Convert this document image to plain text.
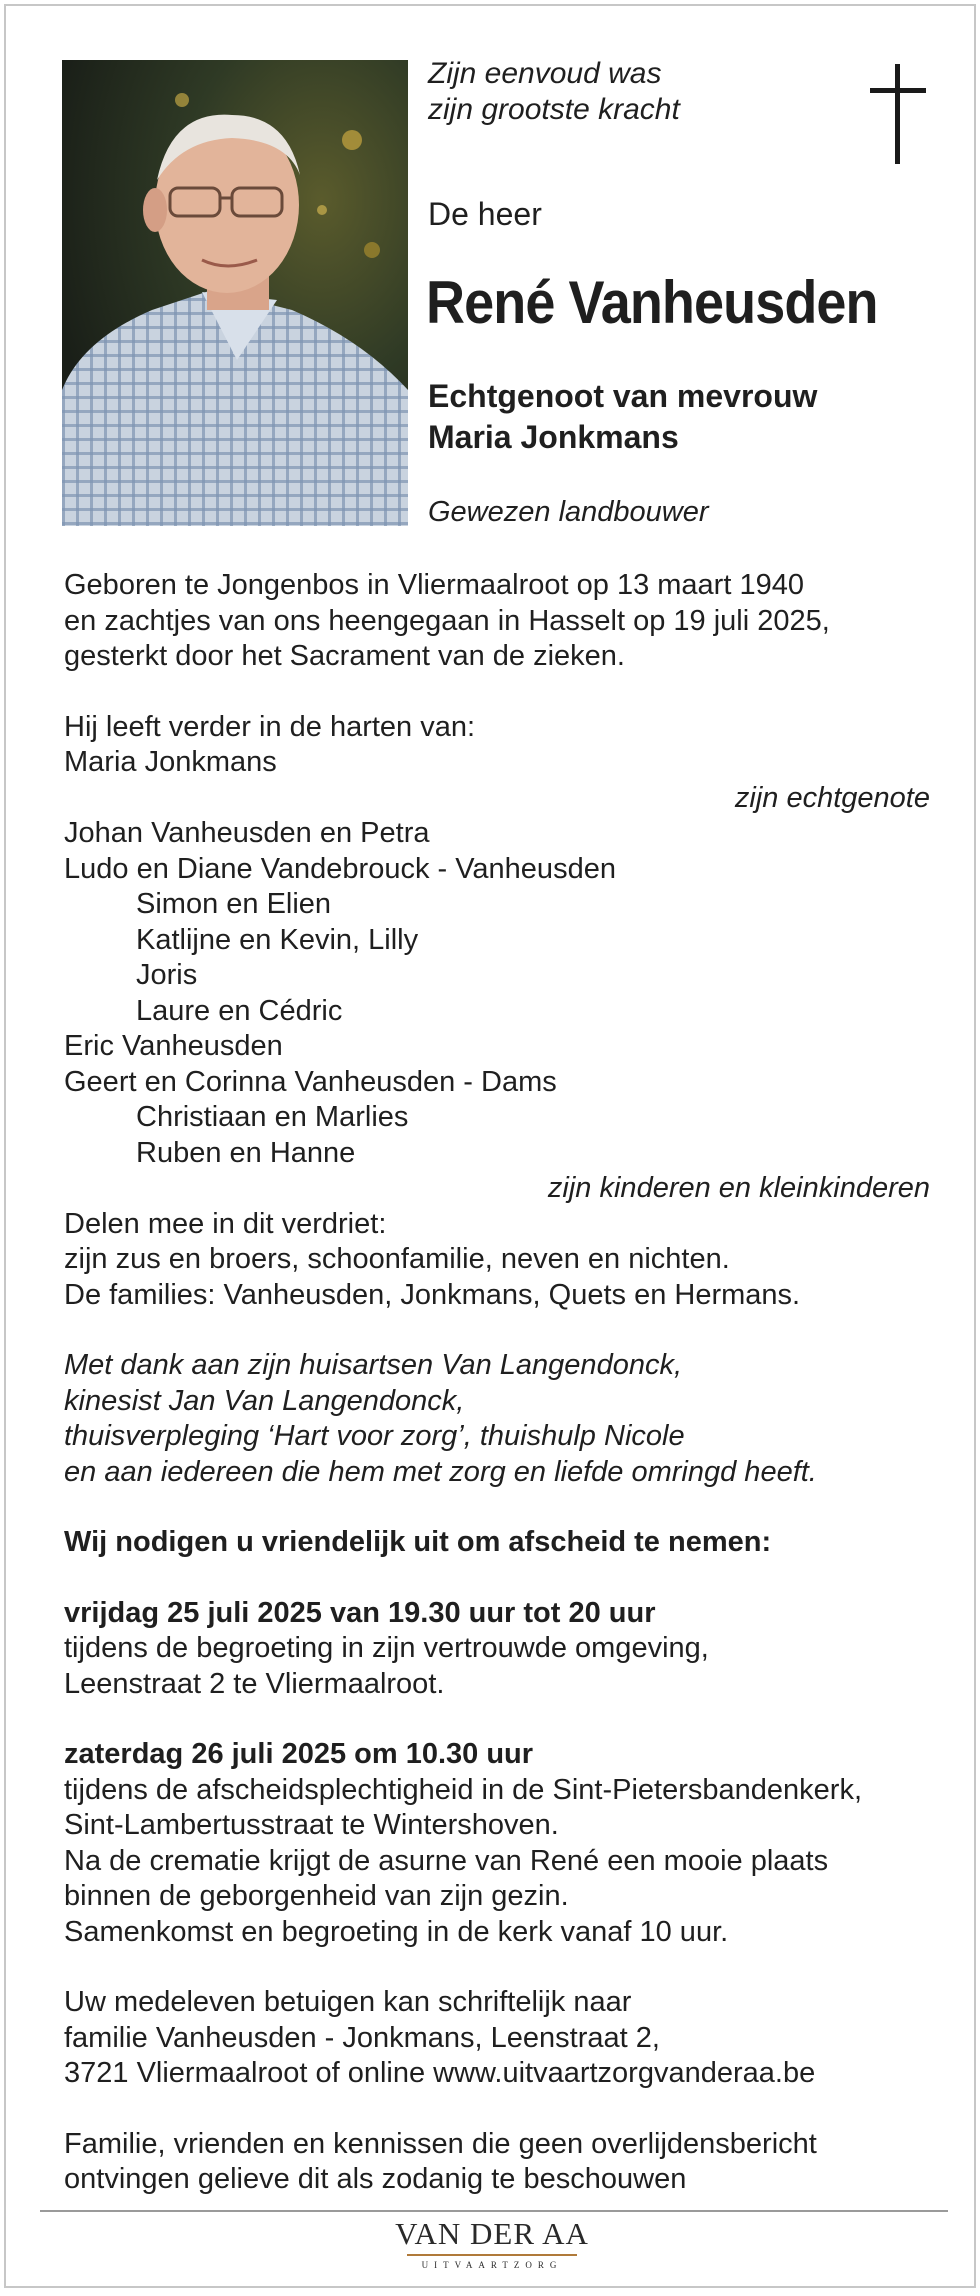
Zijn eenvoud was
zijn grootste kracht
De heer
René Vanheusden
Echtgenoot van mevrouw
Maria Jonkmans
Gewezen landbouwer

Geboren te Jongenbos in Vliermaalroot op 13 maart 1940

en zachtjes van ons heengegaan in Hasselt op 19 juli 2025,

gesterkt door het Sacrament van de zieken.

Hij leeft verder in de harten van:

Maria Jonkmans

zijn echtgenote

Johan Vanheusden en Petra

Ludo en Diane Vandebrouck - Vanheusden

Simon en Elien

Katlijne en Kevin, Lilly

Joris

Laure en Cédric

Eric Vanheusden

Geert en Corinna Vanheusden - Dams

Christiaan en Marlies

Ruben en Hanne

zijn kinderen en kleinkinderen

Delen mee in dit verdriet:

zijn zus en broers, schoonfamilie, neven en nichten.

De families: Vanheusden, Jonkmans, Quets en Hermans.

Met dank aan zijn huisartsen Van Langendonck,

kinesist Jan Van Langendonck,

thuisverpleging ‘Hart voor zorg’, thuishulp Nicole

en aan iedereen die hem met zorg en liefde omringd heeft.

Wij nodigen u vriendelijk uit om afscheid te nemen:

vrijdag 25 juli 2025 van 19.30 uur tot 20 uur

tijdens de begroeting in zijn vertrouwde omgeving,

Leenstraat 2 te Vliermaalroot.

zaterdag 26 juli 2025 om 10.30 uur

tijdens de afscheidsplechtigheid in de Sint-Pietersbandenkerk,

Sint-Lambertusstraat te Wintershoven.

Na de crematie krijgt de asurne van René een mooie plaats

binnen de geborgenheid van zijn gezin.

Samenkomst en begroeting in de kerk vanaf 10 uur.

Uw medeleven betuigen kan schriftelijk naar

familie Vanheusden - Jonkmans, Leenstraat 2,

3721 Vliermaalroot of online www.uitvaartzorgvanderaa.be

Familie, vrienden en kennissen die geen overlijdensbericht

ontvingen gelieve dit als zodanig te beschouwen

VAN DER AA
UITVAARTZORG
